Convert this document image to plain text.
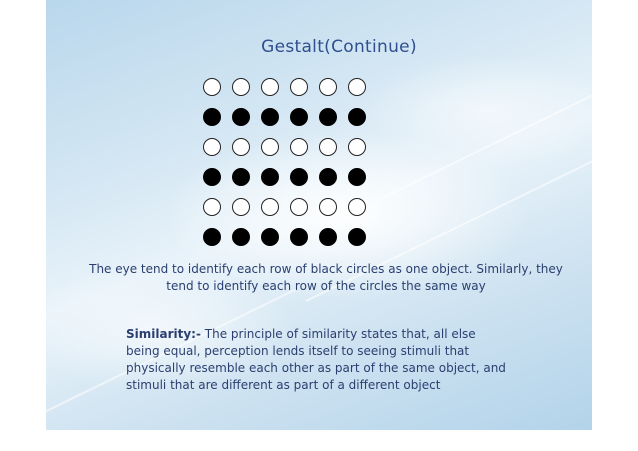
Gestalt(Continue)
The eye tend to identify each row of black circles as one object. Similarly, they tend to identify each row of the circles the same way
Similarity:- The principle of similarity states that, all else being equal, perception lends itself to seeing stimuli that physically resemble each other as part of the same object, and stimuli that are different as part of a different object
